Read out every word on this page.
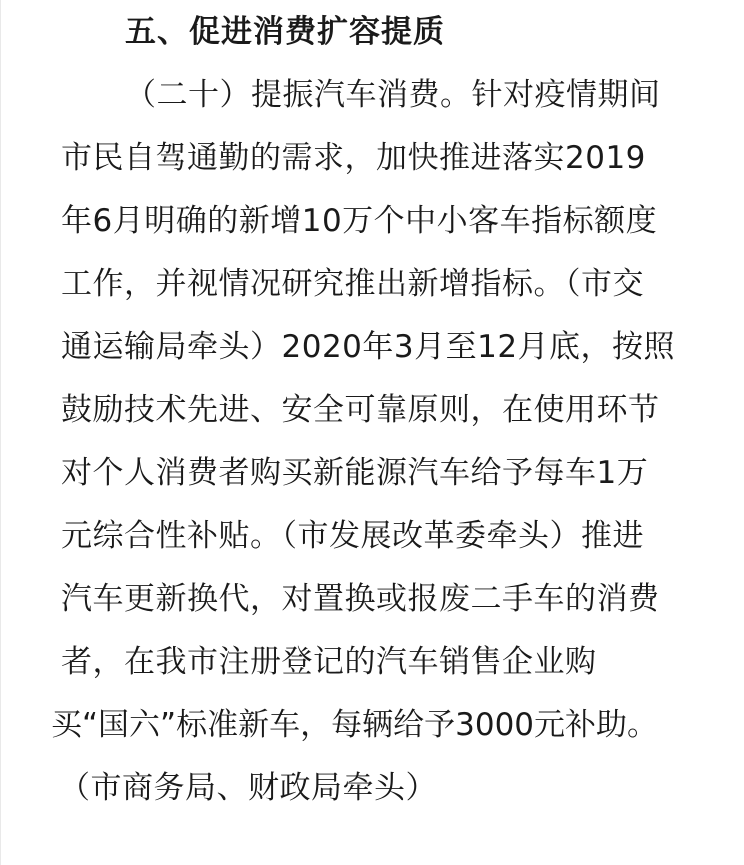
五、促进消费扩容提质
（二十）提振汽车消费。针对疫情期间
市民自驾通勤的需求，加快推进落实2019
年6月明确的新增10万个中小客车指标额度
工作，并视情况研究推出新增指标。（市交
通运输局牵头）2020年3月至12月底，按照
鼓励技术先进、安全可靠原则，在使用环节
对个人消费者购买新能源汽车给予每车1万
元综合性补贴。（市发展改革委牵头）推进
汽车更新换代，对置换或报废二手车的消费
者，在我市注册登记的汽车销售企业购
买“国六”标准新车，每辆给予3000元补助。
（市商务局、财政局牵头）
